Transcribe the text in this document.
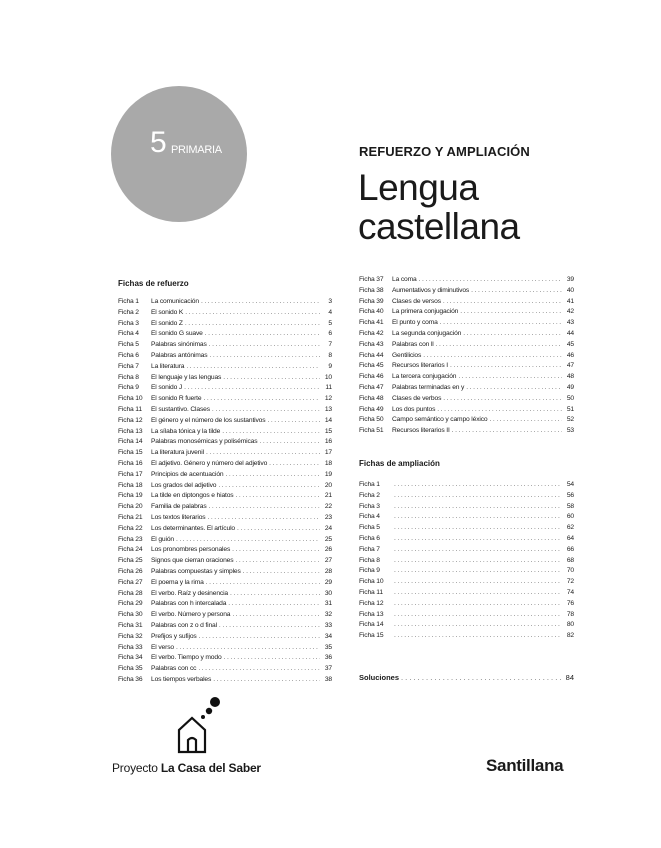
5 PRIMARIA	REFUERZO Y AMPLIACIÓN
Lengua
castellana
Fichas de refuerzo
Ficha 1	La comunicación . . .	3
Ficha 2	El sonido K . . .	4
Ficha 3	El sonido Z . . .	5
Ficha 4	El sonido G suave . . .	6
Ficha 5	Palabras sinónimas . . .	7
Ficha 6	Palabras antónimas . . .	8
Ficha 7	La literatura . . .	9
Ficha 8	El lenguaje y las lenguas . . .	10
Ficha 9	El sonido J . . .	11
Ficha 10	El sonido R fuerte . . .	12
Ficha 11	El sustantivo. Clases . . .	13
Ficha 12	El género y el número de los sustantivos . . .	14
Ficha 13	La sílaba tónica y la tilde . . .	15
Ficha 14	Palabras monosémicas y polisémicas . . .	16
Ficha 15	La literatura juvenil . . .	17
Ficha 16	El adjetivo. Género y número del adjetivo . . .	18
Ficha 17	Principios de acentuación . . .	19
Ficha 18	Los grados del adjetivo . . .	20
Ficha 19	La tilde en diptongos e hiatos . . .	21
Ficha 20	Familia de palabras . . .	22
Ficha 21	Los textos literarios . . .	23
Ficha 22	Los determinantes. El artículo . . .	24
Ficha 23	El guión . . .	25
Ficha 24	Los pronombres personales . . .	26
Ficha 25	Signos que cierran oraciones . . .	27
Ficha 26	Palabras compuestas y simples . . .	28
Ficha 27	El poema y la rima . . .	29
Ficha 28	El verbo. Raíz y desinencia . . .	30
Ficha 29	Palabras con h intercalada . . .	31
Ficha 30	El verbo. Número y persona . . .	32
Ficha 31	Palabras con z o d final . . .	33
Ficha 32	Prefijos y sufijos . . .	34
Ficha 33	El verso . . .	35
Ficha 34	El verbo. Tiempo y modo . . .	36
Ficha 35	Palabras con cc . . .	37
Ficha 36	Los tiempos verbales . . .	38
Ficha 37	La coma . . .	39
Ficha 38	Aumentativos y diminutivos . . .	40
Ficha 39	Clases de versos . . .	41
Ficha 40	La primera conjugación . . .	42
Ficha 41	El punto y coma . . .	43
Ficha 42	La segunda conjugación . . .	44
Ficha 43	Palabras con ll . . .	45
Ficha 44	Gentilicios . . .	46
Ficha 45	Recursos literarios I . . .	47
Ficha 46	La tercera conjugación . . .	48
Ficha 47	Palabras terminadas en y . . .	49
Ficha 48	Clases de verbos . . .	50
Ficha 49	Los dos puntos . . .	51
Ficha 50	Campo semántico y campo léxico . . .	52
Ficha 51	Recursos literarios II . . .	53
Fichas de ampliación
Ficha 1 . . .	54
Ficha 2 . . .	56
Ficha 3 . . .	58
Ficha 4 . . .	60
Ficha 5 . . .	62
Ficha 6 . . .	64
Ficha 7 . . .	66
Ficha 8 . . .	68
Ficha 9 . . .	70
Ficha 10 . . .	72
Ficha 11 . . .	74
Ficha 12 . . .	76
Ficha 13 . . .	78
Ficha 14 . . .	80
Ficha 15 . . .	82
Soluciones . . .	84
Proyecto La Casa del Saber	Santillana
